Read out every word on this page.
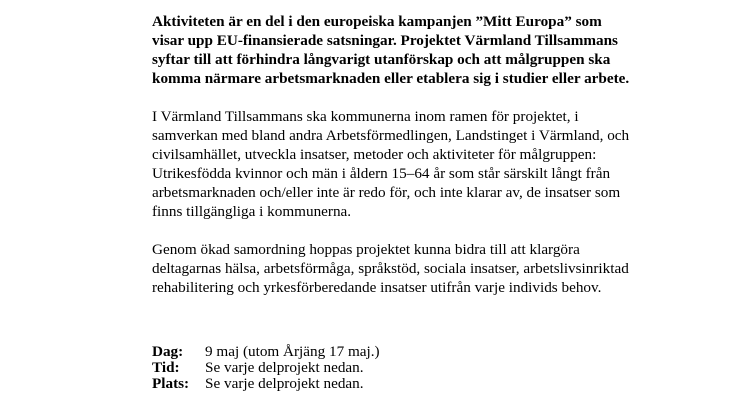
Aktiviteten är en del i den europeiska kampanjen ”Mitt Europa” som visar upp EU-finansierade satsningar. Projektet Värmland Tillsammans syftar till att förhindra långvarigt utanförskap och att målgruppen ska komma närmare arbetsmarknaden eller etablera sig i studier eller arbete.

I Värmland Tillsammans ska kommunerna inom ramen för projektet, i samverkan med bland andra Arbetsförmedlingen, Landstinget i Värmland, och civilsamhället, utveckla insatser, metoder och aktiviteter för målgruppen: Utrikesfödda kvinnor och män i åldern 15–64 år som står särskilt långt från arbetsmarknaden och/eller inte är redo för, och inte klarar av, de insatser som finns tillgängliga i kommunerna.

Genom ökad samordning hoppas projektet kunna bidra till att klargöra deltagarnas hälsa, arbetsförmåga, språkstöd, sociala insatser, arbetslivsinriktad rehabilitering och yrkesförberedande insatser utifrån varje individs behov.

Dag:	9 maj (utom Årjäng 17 maj.)
Tid:	Se varje delprojekt nedan.
Plats:	Se varje delprojekt nedan.
